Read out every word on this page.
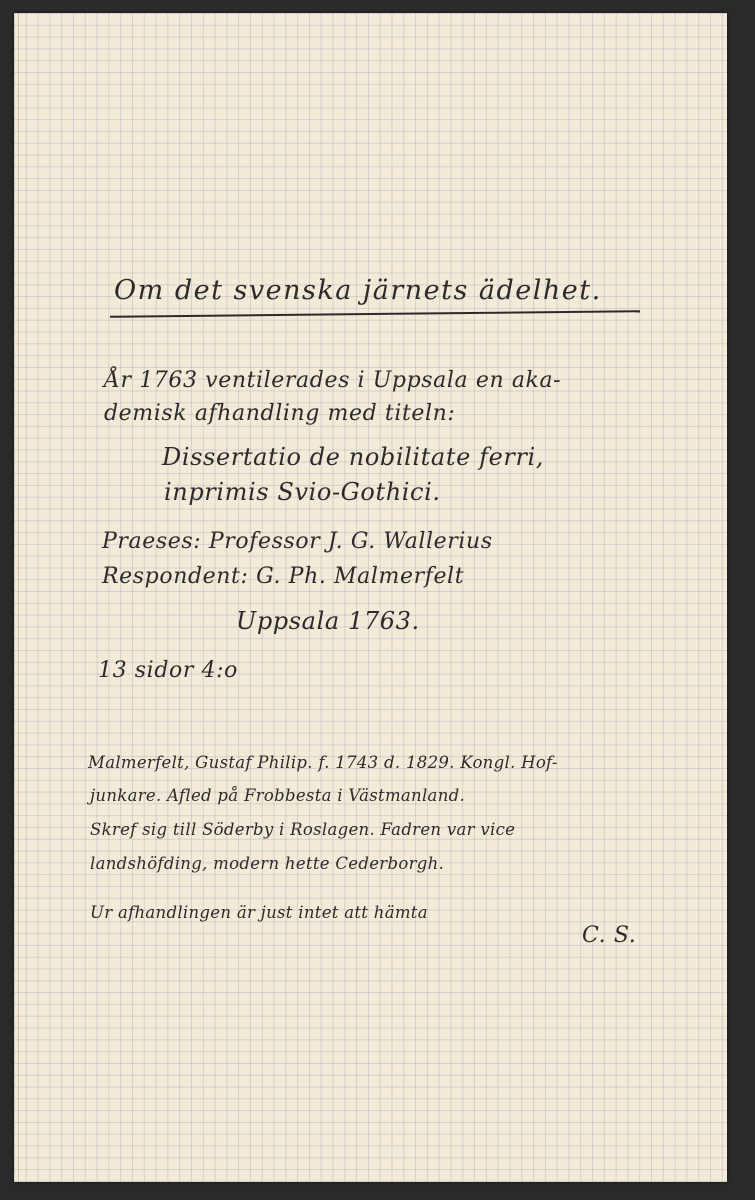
Om det svenska järnets ädelhet.
År 1763 ventilerades i Uppsala en aka-
demisk afhandling med titeln:
Dissertatio de nobilitate ferri,
inprimis Svio-Gothici.
Praeses: Professor J. G. Wallerius
Respondent: G. Ph. Malmerfelt
Uppsala 1763.
13 sidor 4:o
Malmerfelt, Gustaf Philip. f. 1743 d. 1829. Kongl. Hof-
junkare. Afled på Frobbesta i Västmanland.
Skref sig till Söderby i Roslagen. Fadren var vice
landshöfding, modern hette Cederborgh.
Ur afhandlingen är just intet att hämta
C. S.
